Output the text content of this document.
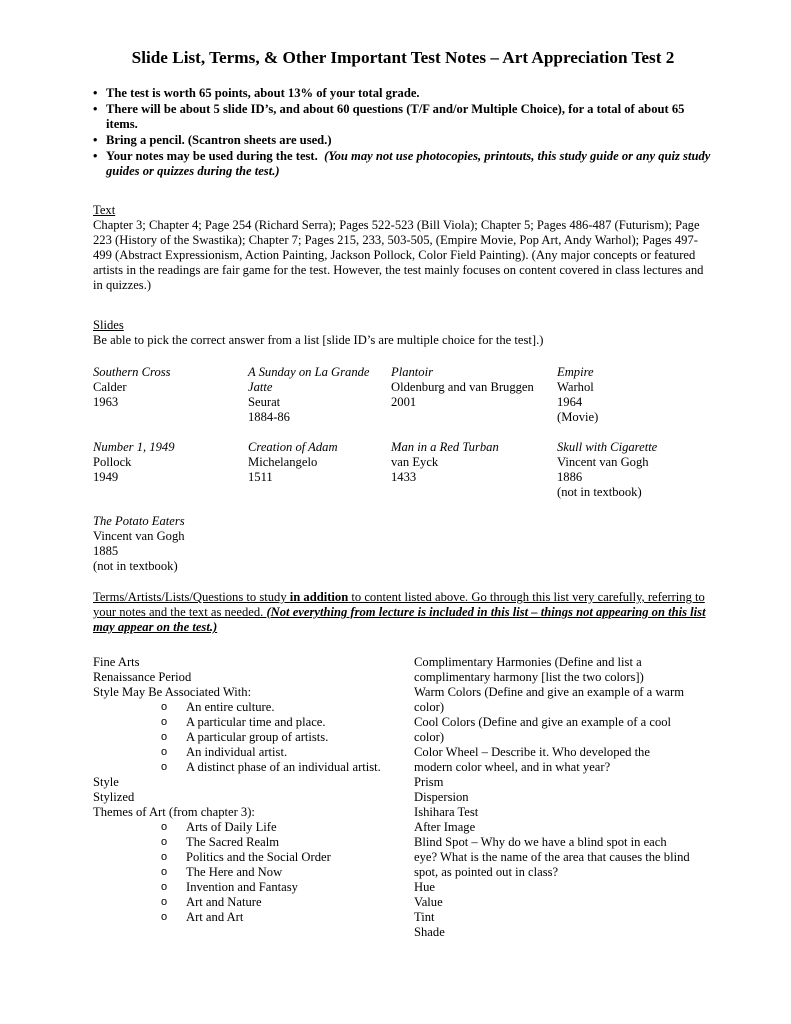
Slide List, Terms, & Other Important Test Notes – Art Appreciation Test 2
• The test is worth 65 points, about 13% of your total grade.
• There will be about 5 slide ID’s, and about 60 questions (T/F and/or Multiple Choice), for a total of about 65 items.
• Bring a pencil. (Scantron sheets are used.)
• Your notes may be used during the test. (You may not use photocopies, printouts, this study guide or any quiz study guides or quizzes during the test.)
Text
Chapter 3; Chapter 4; Page 254 (Richard Serra); Pages 522-523 (Bill Viola); Chapter 5; Pages 486-487 (Futurism); Page 223 (History of the Swastika); Chapter 7; Pages 215, 233, 503-505, (Empire Movie, Pop Art, Andy Warhol); Pages 497-499 (Abstract Expressionism, Action Painting, Jackson Pollock, Color Field Painting). (Any major concepts or featured artists in the readings are fair game for the test. However, the test mainly focuses on content covered in class lectures and in quizzes.)
Slides
Be able to pick the correct answer from a list [slide ID’s are multiple choice for the test].)
Southern Cross
Calder
1963
A Sunday on La Grande Jatte
Seurat
1884-86
Plantoir
Oldenburg and van Bruggen
2001
Empire
Warhol
1964
(Movie)
Number 1, 1949
Pollock
1949
Creation of Adam
Michelangelo
1511
Man in a Red Turban
van Eyck
1433
Skull with Cigarette
Vincent van Gogh
1886
(not in textbook)
The Potato Eaters
Vincent van Gogh
1885
(not in textbook)
Terms/Artists/Lists/Questions to study in addition to content listed above. Go through this list very carefully, referring to your notes and the text as needed. (Not everything from lecture is included in this list – things not appearing on this list may appear on the test.)
Fine Arts
Renaissance Period
Style May Be Associated With:
o An entire culture.
o A particular time and place.
o A particular group of artists.
o An individual artist.
o A distinct phase of an individual artist.
Style
Stylized
Themes of Art (from chapter 3):
o Arts of Daily Life
o The Sacred Realm
o Politics and the Social Order
o The Here and Now
o Invention and Fantasy
o Art and Nature
o Art and Art
Complimentary Harmonies (Define and list a
complimentary harmony [list the two colors])
Warm Colors (Define and give an example of a warm
color)
Cool Colors (Define and give an example of a cool
color)
Color Wheel – Describe it. Who developed the
modern color wheel, and in what year?
Prism
Dispersion
Ishihara Test
After Image
Blind Spot – Why do we have a blind spot in each
eye? What is the name of the area that causes the blind
spot, as pointed out in class?
Hue
Value
Tint
Shade
